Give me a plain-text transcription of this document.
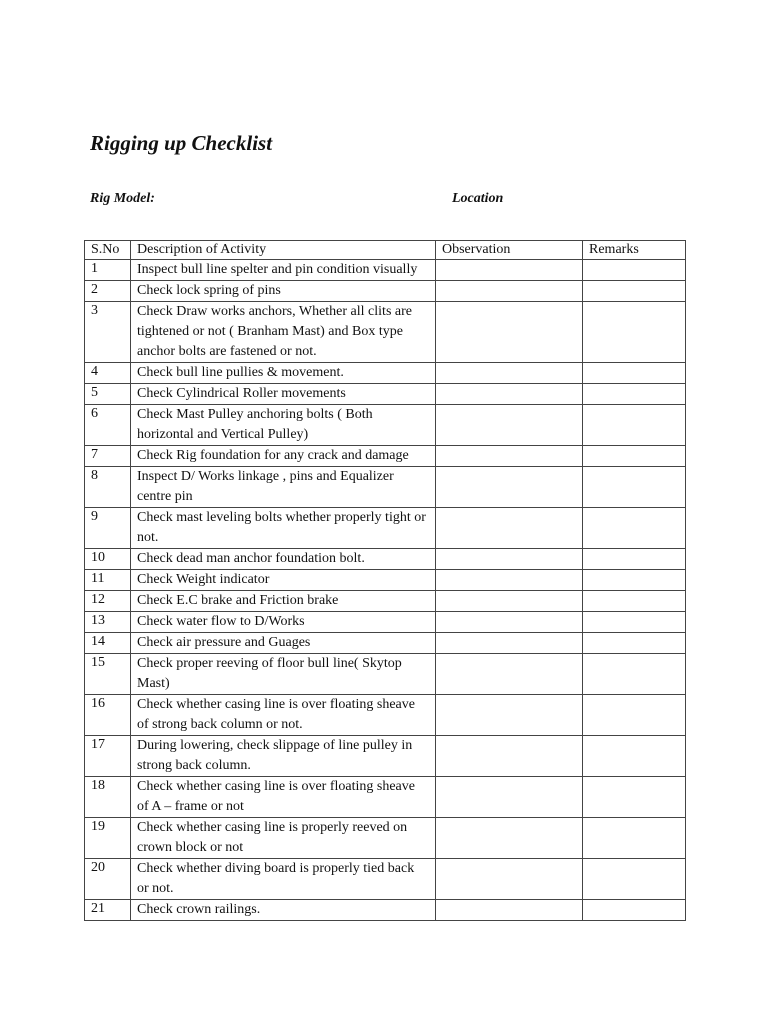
Rigging up Checklist
Rig Model:	Location
S.No	Description of Activity	Observation	Remarks
1	Inspect bull line spelter and pin condition visually		
2	Check lock spring of pins		
3	Check Draw works anchors, Whether all clits are tightened or not ( Branham Mast) and Box type anchor bolts are fastened or not.		
4	Check bull line pullies & movement.		
5	Check Cylindrical Roller movements		
6	Check Mast Pulley anchoring bolts ( Both horizontal and Vertical Pulley)		
7	Check Rig foundation for any crack and damage		
8	Inspect D/ Works linkage , pins and Equalizer centre pin		
9	Check mast leveling bolts whether properly tight or not.		
10	Check dead man anchor foundation bolt.		
11	Check Weight indicator		
12	Check E.C brake and Friction brake		
13	Check water flow to D/Works		
14	Check air pressure and Guages		
15	Check proper reeving of floor bull line( Skytop Mast)		
16	Check whether casing line is over floating sheave of strong back column or not.		
17	During lowering, check slippage of line pulley in strong back column.		
18	Check whether casing line is over floating sheave of A – frame or not		
19	Check whether casing line is properly reeved on crown block or not		
20	Check whether diving board is properly tied back or not.		
21	Check crown railings.		
